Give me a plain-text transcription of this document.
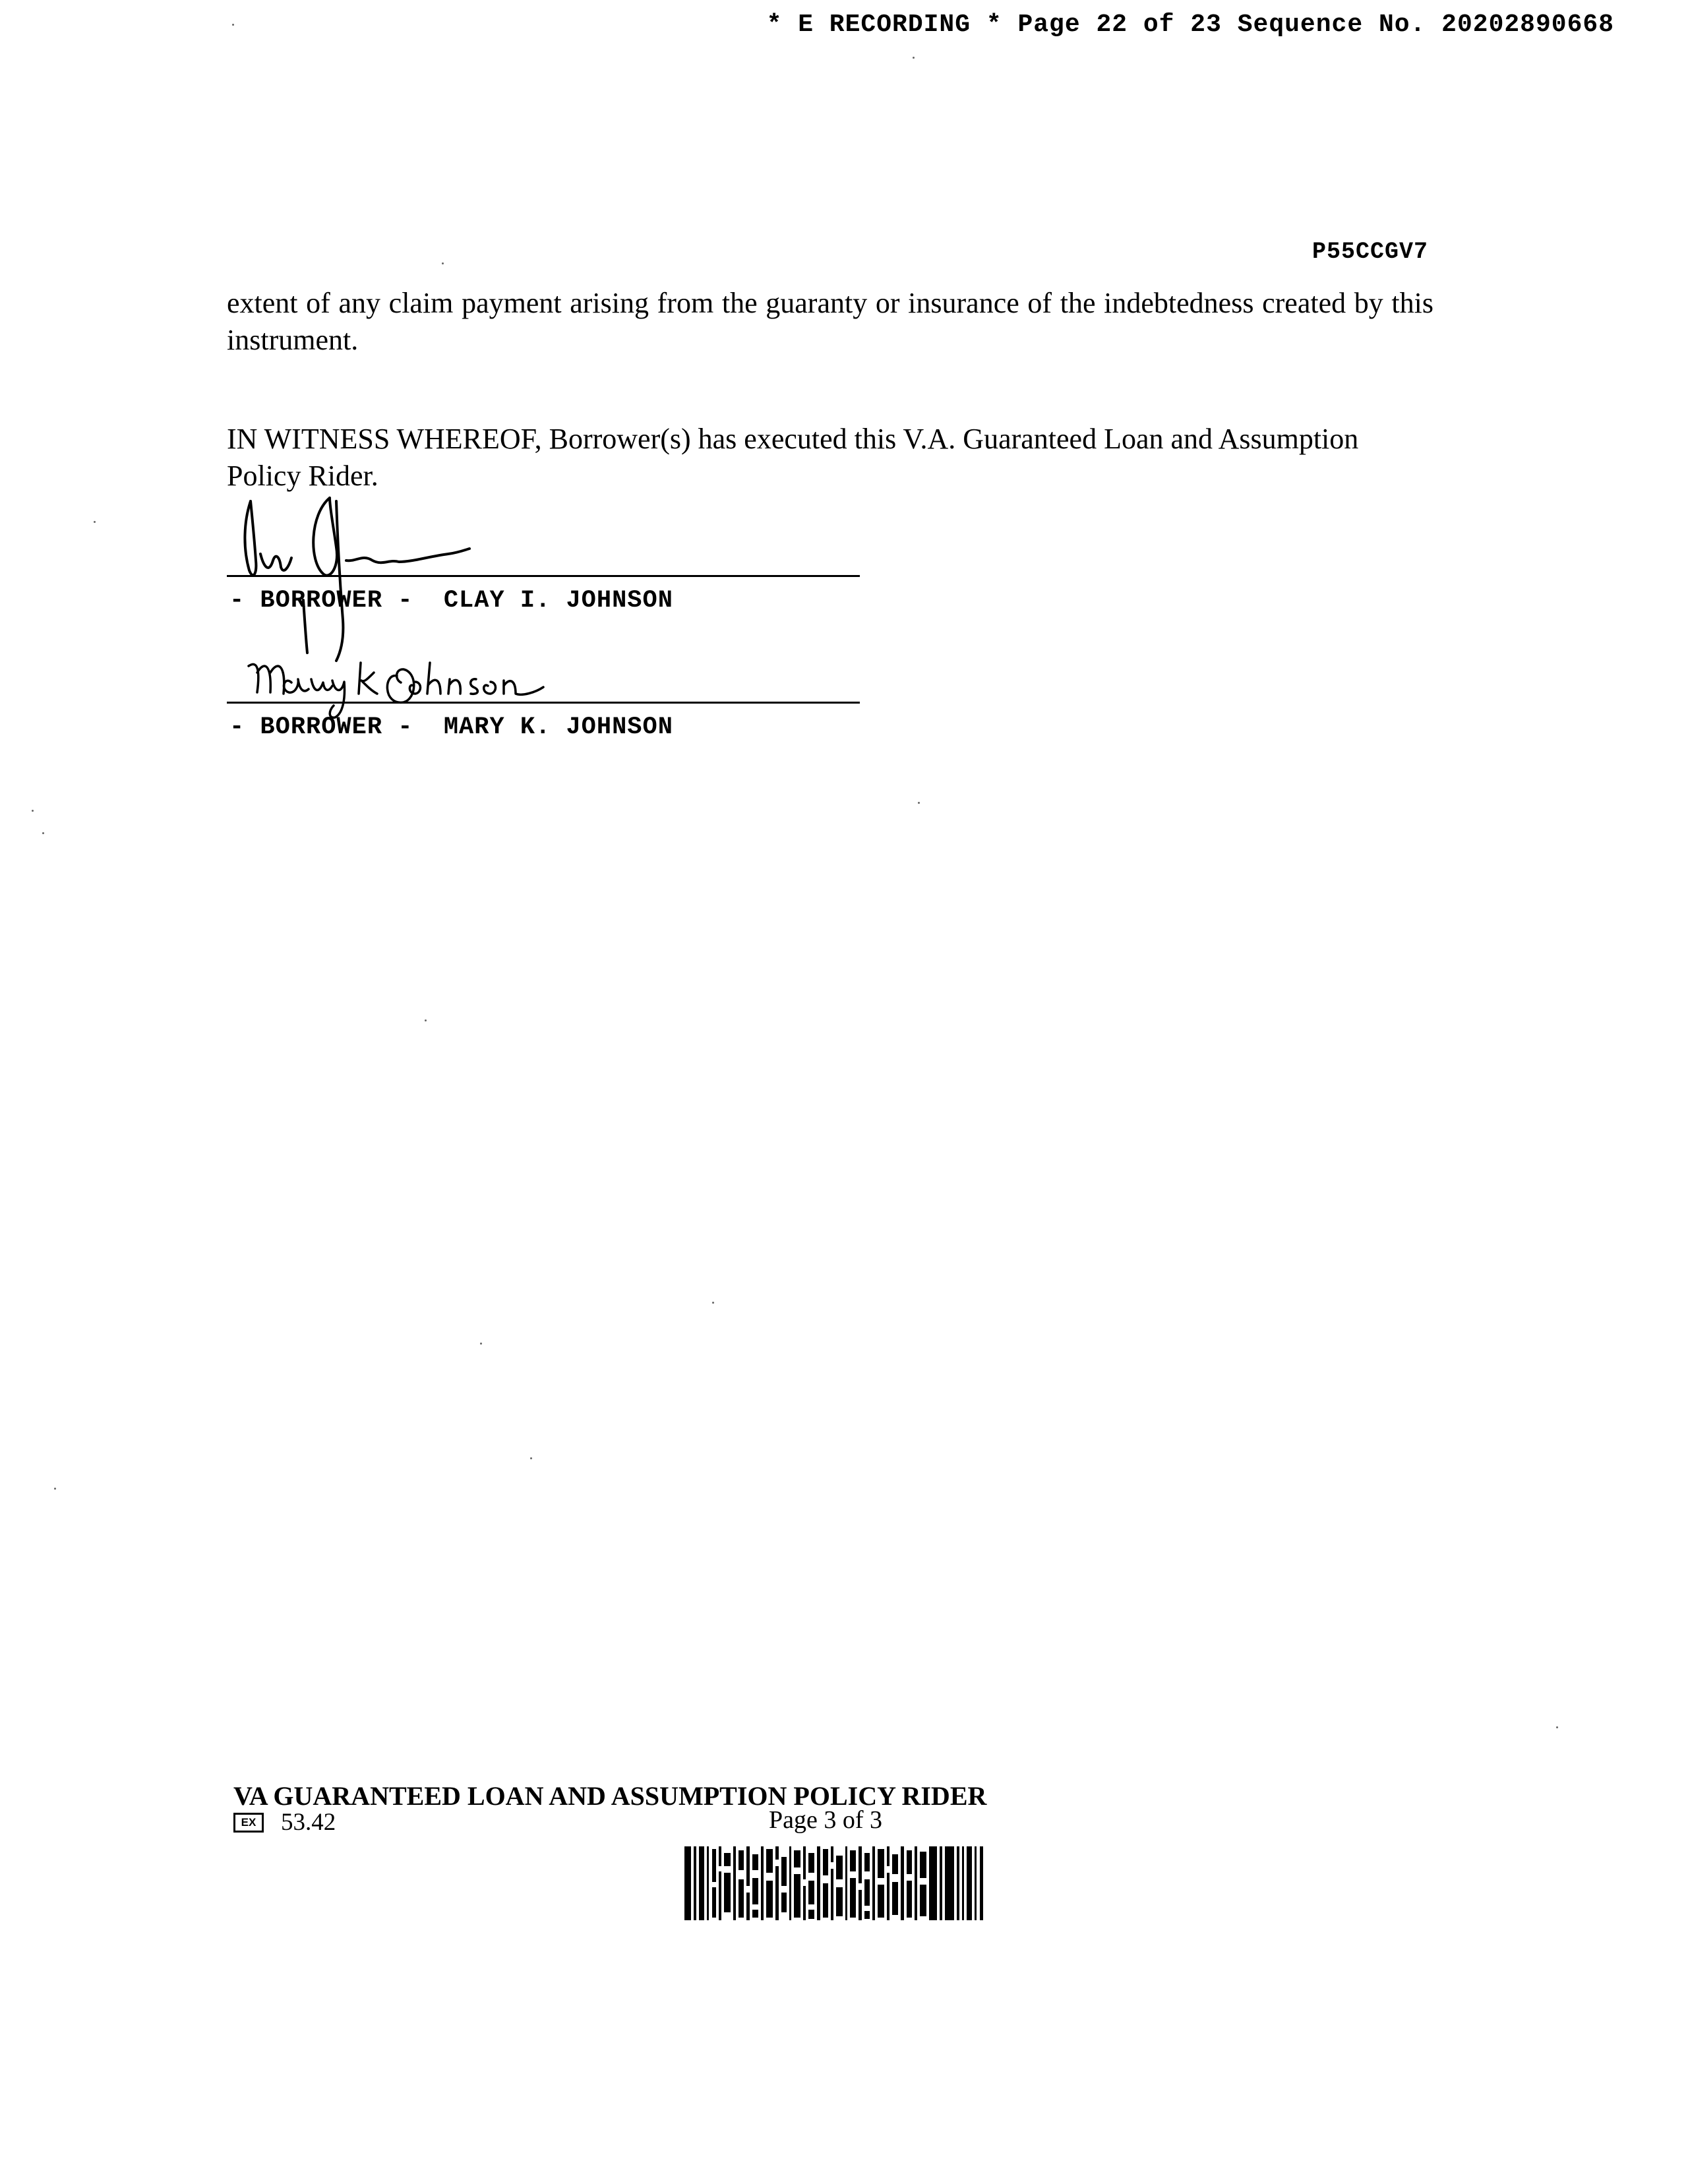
* E RECORDING * Page 22 of 23 Sequence No. 20202890668
P55CCGV7
extent of any claim payment arising from the guaranty or insurance of the indebtedness created by this instrument.
IN WITNESS WHEREOF, Borrower(s) has executed this V.A. Guaranteed Loan and Assumption Policy Rider.
- BORROWER -  CLAY I. JOHNSON
- BORROWER -  MARY K. JOHNSON
VA GUARANTEED LOAN AND ASSUMPTION POLICY RIDER
EX	53.42	Page 3 of 3
